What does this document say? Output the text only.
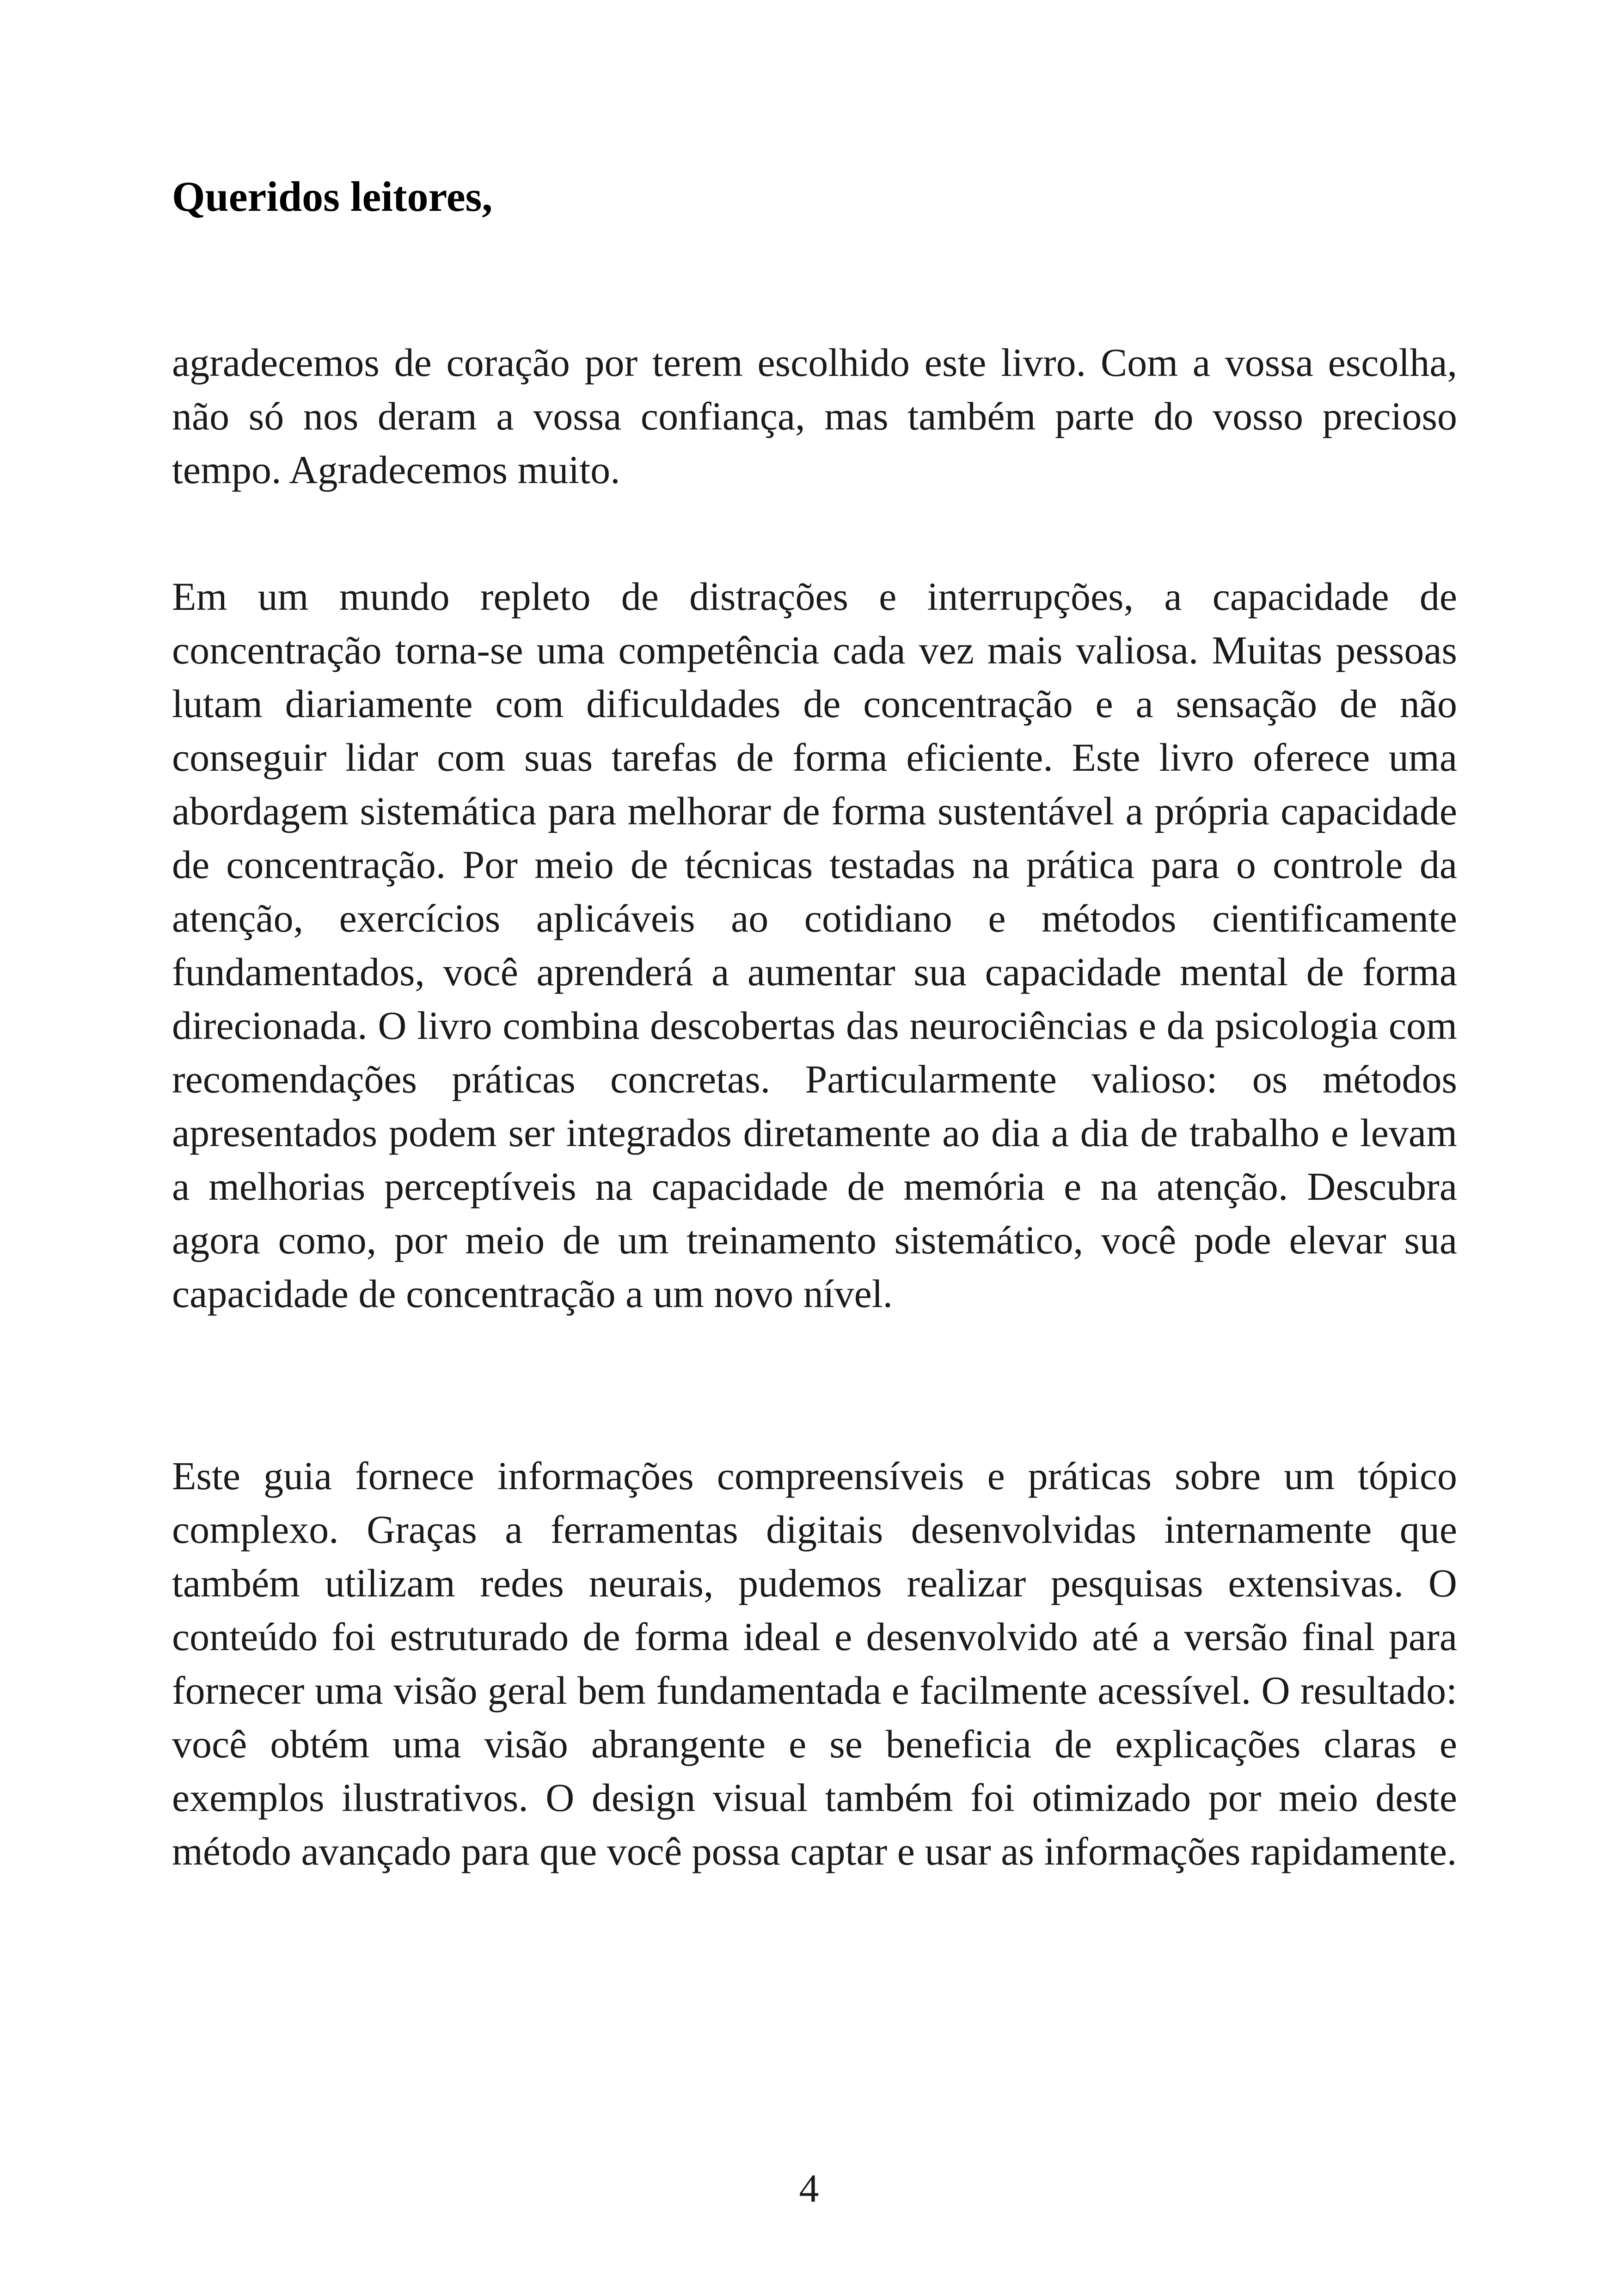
Queridos leitores,

agradecemos de coração por terem escolhido este livro. Com a vossa escolha, não só nos deram a vossa confiança, mas também parte do vosso precioso tempo. Agradecemos muito.

Em um mundo repleto de distrações e interrupções, a capacidade de concentração torna-se uma competência cada vez mais valiosa. Muitas pessoas lutam diariamente com dificuldades de concentração e a sensação de não conseguir lidar com suas tarefas de forma eficiente. Este livro oferece uma abordagem sistemática para melhorar de forma sustentável a própria capacidade de concentração. Por meio de técnicas testadas na prática para o controle da atenção, exercícios aplicáveis ao cotidiano e métodos cientificamente fundamentados, você aprenderá a aumentar sua capacidade mental de forma direcionada. O livro combina descobertas das neurociências e da psicologia com recomendações práticas concretas. Particularmente valioso: os métodos apresentados podem ser integrados diretamente ao dia a dia de trabalho e levam a melhorias perceptíveis na capacidade de memória e na atenção. Descubra agora como, por meio de um treinamento sistemático, você pode elevar sua capacidade de concentração a um novo nível.

Este guia fornece informações compreensíveis e práticas sobre um tópico complexo. Graças a ferramentas digitais desenvolvidas internamente que também utilizam redes neurais, pudemos realizar pesquisas extensivas. O conteúdo foi estruturado de forma ideal e desenvolvido até a versão final para fornecer uma visão geral bem fundamentada e facilmente acessível. O resultado: você obtém uma visão abrangente e se beneficia de explicações claras e exemplos ilustrativos. O design visual também foi otimizado por meio deste método avançado para que você possa captar e usar as informações rapidamente.

4
